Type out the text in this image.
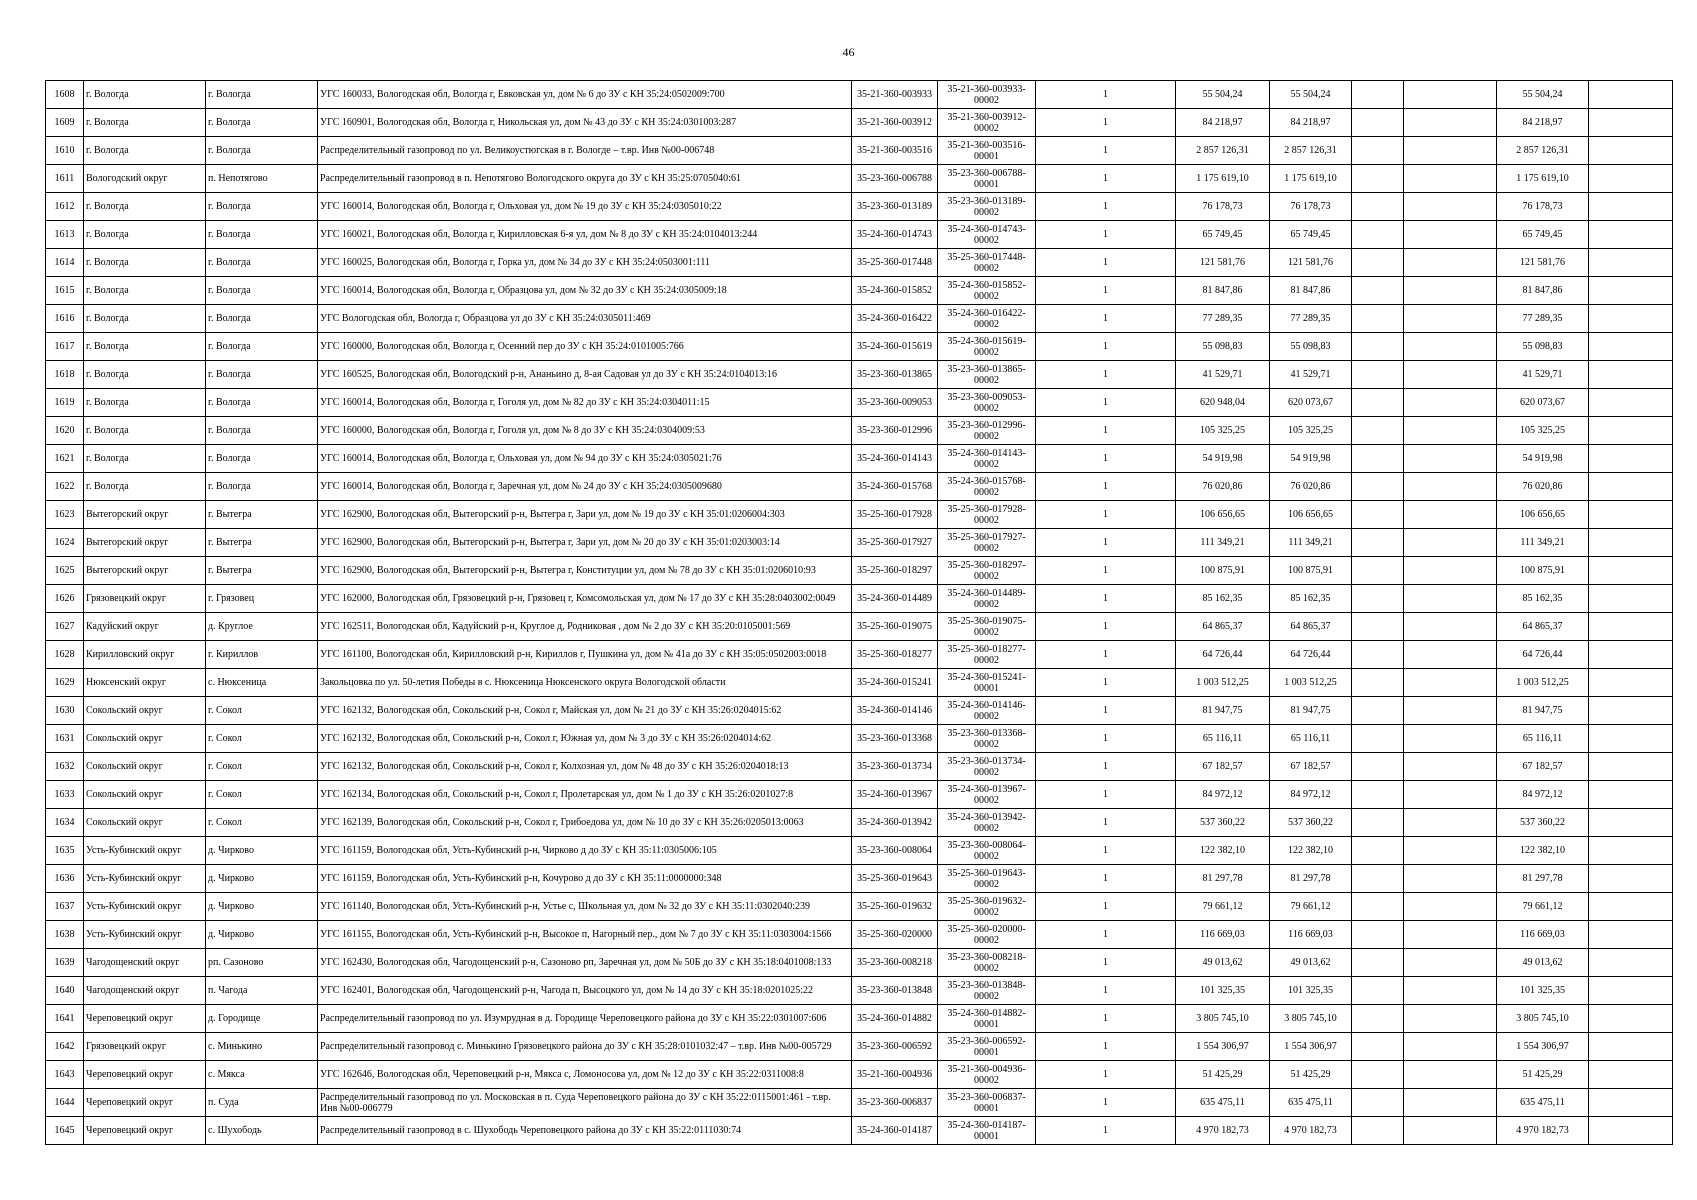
46
1608	г. Вологда	г. Вологда	УГС 160033, Вологодская обл, Вологда г, Евковская ул, дом № 6 до ЗУ с КН 35:24:0502009:700	35-21-360-003933	35-21-360-003933-00002	1	55 504,24	55 504,24			55 504,24	
1609	г. Вологда	г. Вологда	УГС 160901, Вологодская обл, Вологда г, Никольская ул, дом № 43 до ЗУ с КН 35:24:0301003:287	35-21-360-003912	35-21-360-003912-00002	1	84 218,97	84 218,97			84 218,97	
1610	г. Вологда	г. Вологда	Распределительный газопровод по ул. Великоустюгская в г. Вологде – т.вр. Инв №00-006748	35-21-360-003516	35-21-360-003516-00001	1	2 857 126,31	2 857 126,31			2 857 126,31	
1611	Вологодский округ	п. Непотягово	Распределительный газопровод в п. Непотягово Вологодского округа до ЗУ с КН 35:25:0705040:61	35-23-360-006788	35-23-360-006788-00001	1	1 175 619,10	1 175 619,10			1 175 619,10	
1612	г. Вологда	г. Вологда	УГС 160014, Вологодская обл, Вологда г, Ольховая ул, дом № 19 до ЗУ с КН 35:24:0305010:22	35-23-360-013189	35-23-360-013189-00002	1	76 178,73	76 178,73			76 178,73	
1613	г. Вологда	г. Вологда	УГС 160021, Вологодская обл, Вологда г, Кирилловская 6-я ул, дом № 8 до ЗУ с КН 35:24:0104013:244	35-24-360-014743	35-24-360-014743-00002	1	65 749,45	65 749,45			65 749,45	
1614	г. Вологда	г. Вологда	УГС 160025, Вологодская обл, Вологда г, Горка ул, дом № 34 до ЗУ с КН 35:24:0503001:111	35-25-360-017448	35-25-360-017448-00002	1	121 581,76	121 581,76			121 581,76	
1615	г. Вологда	г. Вологда	УГС 160014, Вологодская обл, Вологда г, Образцова ул, дом № 32 до ЗУ с КН 35:24:0305009:18	35-24-360-015852	35-24-360-015852-00002	1	81 847,86	81 847,86			81 847,86	
1616	г. Вологда	г. Вологда	УГС Вологодская обл, Вологда г, Образцова ул до ЗУ с КН 35:24:0305011:469	35-24-360-016422	35-24-360-016422-00002	1	77 289,35	77 289,35			77 289,35	
1617	г. Вологда	г. Вологда	УГС 160000, Вологодская обл, Вологда г, Осенний пер до ЗУ с КН 35:24:0101005:766	35-24-360-015619	35-24-360-015619-00002	1	55 098,83	55 098,83			55 098,83	
1618	г. Вологда	г. Вологда	УГС 160525, Вологодская обл, Вологодский р-н, Ананьино д, 8-ая Садовая ул до ЗУ с КН 35:24:0104013:16	35-23-360-013865	35-23-360-013865-00002	1	41 529,71	41 529,71			41 529,71	
1619	г. Вологда	г. Вологда	УГС 160014, Вологодская обл, Вологда г, Гоголя ул, дом № 82 до ЗУ с КН 35:24:0304011:15	35-23-360-009053	35-23-360-009053-00002	1	620 948,04	620 073,67			620 073,67	
1620	г. Вологда	г. Вологда	УГС 160000, Вологодская обл, Вологда г, Гоголя ул, дом № 8 до ЗУ с КН 35:24:0304009:53	35-23-360-012996	35-23-360-012996-00002	1	105 325,25	105 325,25			105 325,25	
1621	г. Вологда	г. Вологда	УГС 160014, Вологодская обл, Вологда г, Ольховая ул, дом № 94 до ЗУ с КН 35:24:0305021:76	35-24-360-014143	35-24-360-014143-00002	1	54 919,98	54 919,98			54 919,98	
1622	г. Вологда	г. Вологда	УГС 160014, Вологодская обл, Вологда г, Заречная ул, дом № 24 до ЗУ с КН 35:24:0305009680	35-24-360-015768	35-24-360-015768-00002	1	76 020,86	76 020,86			76 020,86	
1623	Вытегорский округ	г. Вытегра	УГС 162900, Вологодская обл, Вытегорский р-н, Вытегра г, Зари ул, дом № 19 до ЗУ с КН 35:01:0206004:303	35-25-360-017928	35-25-360-017928-00002	1	106 656,65	106 656,65			106 656,65	
1624	Вытегорский округ	г. Вытегра	УГС 162900, Вологодская обл, Вытегорский р-н, Вытегра г, Зари ул, дом № 20 до ЗУ с КН 35:01:0203003:14	35-25-360-017927	35-25-360-017927-00002	1	111 349,21	111 349,21			111 349,21	
1625	Вытегорский округ	г. Вытегра	УГС 162900, Вологодская обл, Вытегорский р-н, Вытегра г, Конституции ул, дом № 78 до ЗУ с КН 35:01:0206010:93	35-25-360-018297	35-25-360-018297-00002	1	100 875,91	100 875,91			100 875,91	
1626	Грязовецкий округ	г. Грязовец	УГС 162000, Вологодская обл, Грязовецкий р-н, Грязовец г, Комсомольская ул, дом № 17 до ЗУ с КН 35:28:0403002:0049	35-24-360-014489	35-24-360-014489-00002	1	85 162,35	85 162,35			85 162,35	
1627	Кадуйский округ	д. Круглое	УГС 162511, Вологодская обл, Кадуйский р-н, Круглое д, Родниковая , дом № 2 до ЗУ с КН 35:20:0105001:569	35-25-360-019075	35-25-360-019075-00002	1	64 865,37	64 865,37			64 865,37	
1628	Кирилловский округ	г. Кириллов	УГС 161100, Вологодская обл, Кирилловский р-н, Кириллов г, Пушкина ул, дом № 41а до ЗУ с КН 35:05:0502003:0018	35-25-360-018277	35-25-360-018277-00002	1	64 726,44	64 726,44			64 726,44	
1629	Нюксенский округ	с. Нюксеница	Закольцовка по ул. 50-летия Победы в с. Нюксеница Нюксенского округа Вологодской области	35-24-360-015241	35-24-360-015241-00001	1	1 003 512,25	1 003 512,25			1 003 512,25	
1630	Сокольский округ	г. Сокол	УГС 162132, Вологодская обл, Сокольский р-н, Сокол г, Майская ул, дом № 21 до ЗУ с КН 35:26:0204015:62	35-24-360-014146	35-24-360-014146-00002	1	81 947,75	81 947,75			81 947,75	
1631	Сокольский округ	г. Сокол	УГС 162132, Вологодская обл, Сокольский р-н, Сокол г, Южная ул, дом № 3 до ЗУ с КН 35:26:0204014:62	35-23-360-013368	35-23-360-013368-00002	1	65 116,11	65 116,11			65 116,11	
1632	Сокольский округ	г. Сокол	УГС 162132, Вологодская обл, Сокольский р-н, Сокол г, Колхозная ул, дом № 48 до ЗУ с КН 35:26:0204018:13	35-23-360-013734	35-23-360-013734-00002	1	67 182,57	67 182,57			67 182,57	
1633	Сокольский округ	г. Сокол	УГС 162134, Вологодская обл, Сокольский р-н, Сокол г, Пролетарская ул, дом № 1 до ЗУ с КН 35:26:0201027:8	35-24-360-013967	35-24-360-013967-00002	1	84 972,12	84 972,12			84 972,12	
1634	Сокольский округ	г. Сокол	УГС 162139, Вологодская обл, Сокольский р-н, Сокол г, Грибоедова ул, дом № 10 до ЗУ с КН 35:26:0205013:0063	35-24-360-013942	35-24-360-013942-00002	1	537 360,22	537 360,22			537 360,22	
1635	Усть-Кубинский округ	д. Чирково	УГС 161159, Вологодская обл, Усть-Кубинский р-н, Чирково д до ЗУ с КН 35:11:0305006:105	35-23-360-008064	35-23-360-008064-00002	1	122 382,10	122 382,10			122 382,10	
1636	Усть-Кубинский округ	д. Чирково	УГС 161159, Вологодская обл, Усть-Кубинский р-н, Кочурово д до ЗУ с КН 35:11:0000000:348	35-25-360-019643	35-25-360-019643-00002	1	81 297,78	81 297,78			81 297,78	
1637	Усть-Кубинский округ	д. Чирково	УГС 161140, Вологодская обл, Усть-Кубинский р-н, Устье с, Школьная ул, дом № 32 до ЗУ с КН 35:11:0302040:239	35-25-360-019632	35-25-360-019632-00002	1	79 661,12	79 661,12			79 661,12	
1638	Усть-Кубинский округ	д. Чирково	УГС 161155, Вологодская обл, Усть-Кубинский р-н, Высокое п, Нагорный пер., дом № 7 до ЗУ с КН 35:11:0303004:1566	35-25-360-020000	35-25-360-020000-00002	1	116 669,03	116 669,03			116 669,03	
1639	Чагодощенский округ	рп. Сазоново	УГС 162430, Вологодская обл, Чагодощенский р-н, Сазоново рп, Заречная ул, дом № 50Б до ЗУ с КН 35:18:0401008:133	35-23-360-008218	35-23-360-008218-00002	1	49 013,62	49 013,62			49 013,62	
1640	Чагодощенский округ	п. Чагода	УГС 162401, Вологодская обл, Чагодощенский р-н, Чагода п, Высоцкого ул, дом № 14 до ЗУ с КН 35:18:0201025:22	35-23-360-013848	35-23-360-013848-00002	1	101 325,35	101 325,35			101 325,35	
1641	Череповецкий округ	д. Городище	Распределительный газопровод по ул. Изумрудная в д. Городище Череповецкого района до ЗУ с КН 35:22:0301007:606	35-24-360-014882	35-24-360-014882-00001	1	3 805 745,10	3 805 745,10			3 805 745,10	
1642	Грязовецкий округ	с. Минькино	Распределительный газопровод с. Минькино Грязовецкого района до ЗУ с КН 35:28:0101032:47 – т.вр. Инв №00-005729	35-23-360-006592	35-23-360-006592-00001	1	1 554 306,97	1 554 306,97			1 554 306,97	
1643	Череповецкий округ	с. Мякса	УГС 162646, Вологодская обл, Череповецкий р-н, Мякса с, Ломоносова ул, дом № 12 до ЗУ с КН 35:22:0311008:8	35-21-360-004936	35-21-360-004936-00002	1	51 425,29	51 425,29			51 425,29	
1644	Череповецкий округ	п. Суда	Распределительный газопровод по ул. Московская в п. Суда Череповецкого района до ЗУ с КН 35:22:0115001:461 - т.вр. Инв №00-006779	35-23-360-006837	35-23-360-006837-00001	1	635 475,11	635 475,11			635 475,11	
1645	Череповецкий округ	с. Шухободь	Распределительный газопровод в с. Шухободь Череповецкого района до ЗУ с КН 35:22:0111030:74	35-24-360-014187	35-24-360-014187-00001	1	4 970 182,73	4 970 182,73			4 970 182,73	
